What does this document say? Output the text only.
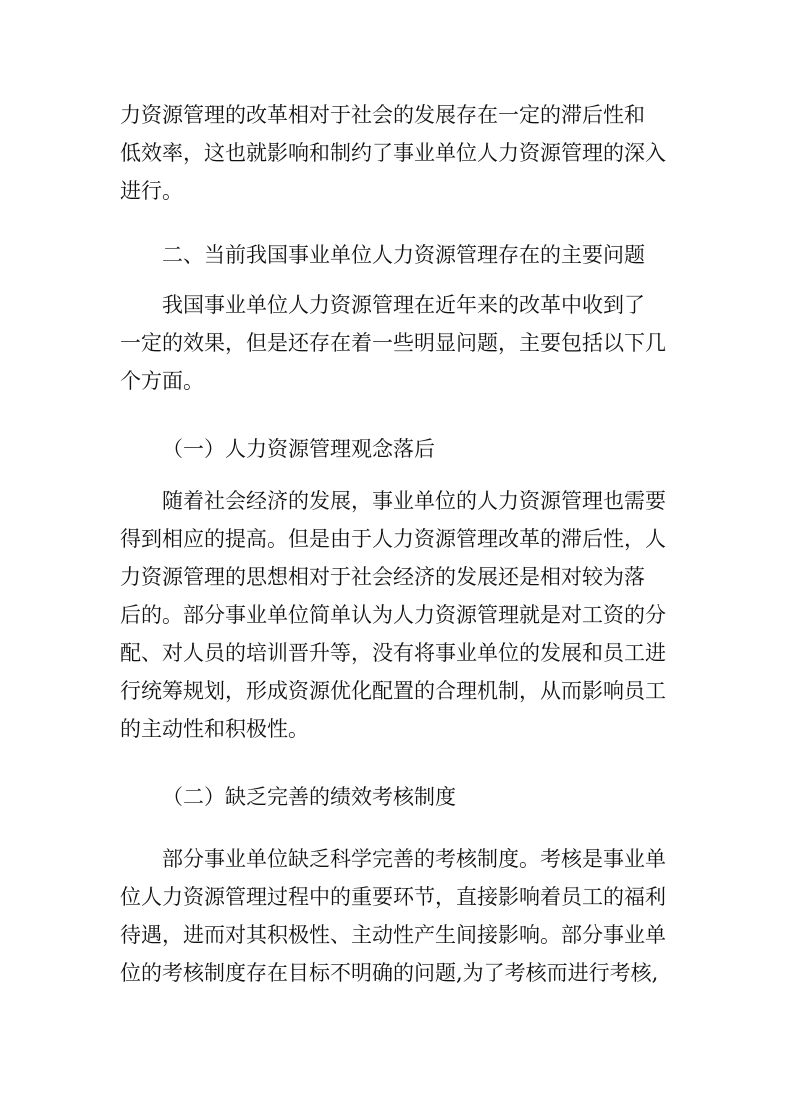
力资源管理的改革相对于社会的发展存在一定的滞后性和
低效率，这也就影响和制约了事业单位人力资源管理的深入
进行。
二、当前我国事业单位人力资源管理存在的主要问题
我国事业单位人力资源管理在近年来的改革中收到了
一定的效果，但是还存在着一些明显问题，主要包括以下几
个方面。
（一）人力资源管理观念落后
随着社会经济的发展，事业单位的人力资源管理也需要
得到相应的提高。但是由于人力资源管理改革的滞后性，人
力资源管理的思想相对于社会经济的发展还是相对较为落
后的。部分事业单位简单认为人力资源管理就是对工资的分
配、对人员的培训晋升等，没有将事业单位的发展和员工进
行统筹规划，形成资源优化配置的合理机制，从而影响员工
的主动性和积极性。
（二）缺乏完善的绩效考核制度
部分事业单位缺乏科学完善的考核制度。考核是事业单
位人力资源管理过程中的重要环节，直接影响着员工的福利
待遇，进而对其积极性、主动性产生间接影响。部分事业单
位的考核制度存在目标不明确的问题,为了考核而进行考核,
